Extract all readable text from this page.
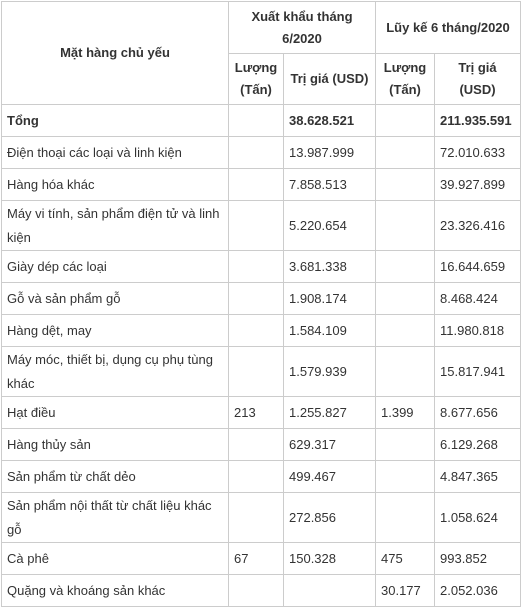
Mặt hàng chủ yếu	Xuất khẩu tháng 6/2020		Lũy kế 6 tháng/2020	
	Lượng (Tấn)	Trị giá (USD)	Lượng (Tấn)	Trị giá (USD)
Tổng		38.628.521		211.935.591
Điện thoại các loại và linh kiện		13.987.999		72.010.633
Hàng hóa khác		7.858.513		39.927.899
Máy vi tính, sản phẩm điện tử và linh kiện		5.220.654		23.326.416
Giày dép các loại		3.681.338		16.644.659
Gỗ và sản phẩm gỗ		1.908.174		8.468.424
Hàng dệt, may		1.584.109		11.980.818
Máy móc, thiết bị, dụng cụ phụ tùng khác		1.579.939		15.817.941
Hạt điều	213	1.255.827	1.399	8.677.656
Hàng thủy sản		629.317		6.129.268
Sản phẩm từ chất dẻo		499.467		4.847.365
Sản phẩm nội thất từ chất liệu khác gỗ		272.856		1.058.624
Cà phê	67	150.328	475	993.852
Quặng và khoáng sản khác			30.177	2.052.036
